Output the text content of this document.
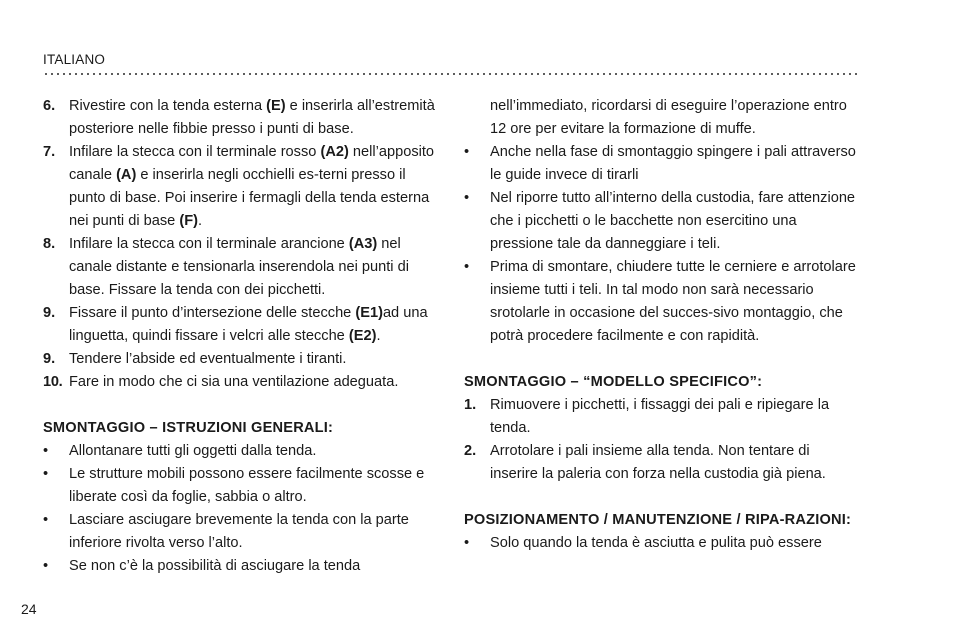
ITALIANO
6. Rivestire con la tenda esterna (E) e inserirla all’estremità posteriore nelle fibbie presso i punti di base.
7. Infilare la stecca con il terminale rosso (A2) nell’apposito canale (A) e inserirla negli occhielli es-terni presso il punto di base. Poi inserire i fermagli della tenda esterna nei punti di base (F).
8. Infilare la stecca con il terminale arancione (A3) nel canale distante e tensionarla inserendola nei punti di base. Fissare la tenda con dei picchetti.
9. Fissare il punto d’intersezione delle stecche (E1)ad una linguetta, quindi fissare i velcri alle stecche (E2).
9. Tendere l’abside ed eventualmente i tiranti.
10. Fare in modo che ci sia una ventilazione adeguata.
SMONTAGGIO – ISTRUZIONI GENERALI:
• Allontanare tutti gli oggetti dalla tenda.
• Le strutture mobili possono essere facilmente scosse e liberate così da foglie, sabbia o altro.
• Lasciare asciugare brevemente la tenda con la parte inferiore rivolta verso l’alto.
• Se non c’è la possibilità di asciugare la tenda
nell’immediato, ricordarsi di eseguire l’operazione entro 12 ore per evitare la formazione di muffe.
• Anche nella fase di smontaggio spingere i pali attraverso le guide invece di tirarli
• Nel riporre tutto all’interno della custodia, fare attenzione che i picchetti o le bacchette non esercitino una pressione tale da danneggiare i teli.
• Prima di smontare, chiudere tutte le cerniere e arrotolare insieme tutti i teli. In tal modo non sarà necessario srotolarle in occasione del succes-sivo montaggio, che potrà procedere facilmente e con rapidità.
SMONTAGGIO – “MODELLO SPECIFICO”:
1. Rimuovere i picchetti, i fissaggi dei pali e ripiegare la tenda.
2. Arrotolare i pali insieme alla tenda. Non tentare di inserire la paleria con forza nella custodia già piena.
POSIZIONAMENTO / MANUTENZIONE / RIPA-RAZIONI:
• Solo quando la tenda è asciutta e pulita può essere
24
